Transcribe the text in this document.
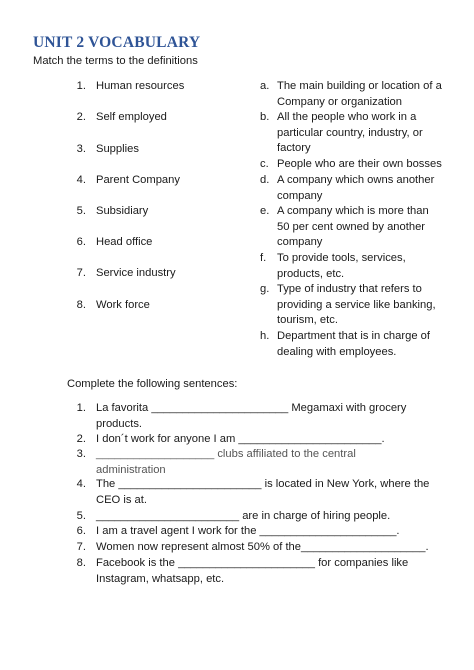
UNIT 2 VOCABULARY
Match the terms to the definitions
1. Human resources
2. Self employed
3. Supplies
4. Parent Company
5. Subsidiary
6. Head office
7. Service industry
8. Work force
a. The main building or location of a
Company or organization
b. All the people who work in a
particular country, industry, or
factory
c. People who are their own bosses
d. A company which owns another
company
e. A company which is more than
50 per cent owned by another
company
f. To provide tools, services,
products, etc.
g. Type of industry that refers to
providing a service like banking,
tourism, etc.
h. Department that is in charge of
dealing with employees.
Complete the following sentences:
1. La favorita ______________________ Megamaxi with grocery
products.
2. I don´t work for anyone I am _______________________.
3. ___________________ clubs affiliated to the central
administration
4. The _______________________ is located in New York, where the
CEO is at.
5. _______________________ are in charge of hiring people.
6. I am a travel agent I work for the ______________________.
7. Women now represent almost 50% of the____________________.
8. Facebook is the ______________________ for companies like
Instagram, whatsapp, etc.
